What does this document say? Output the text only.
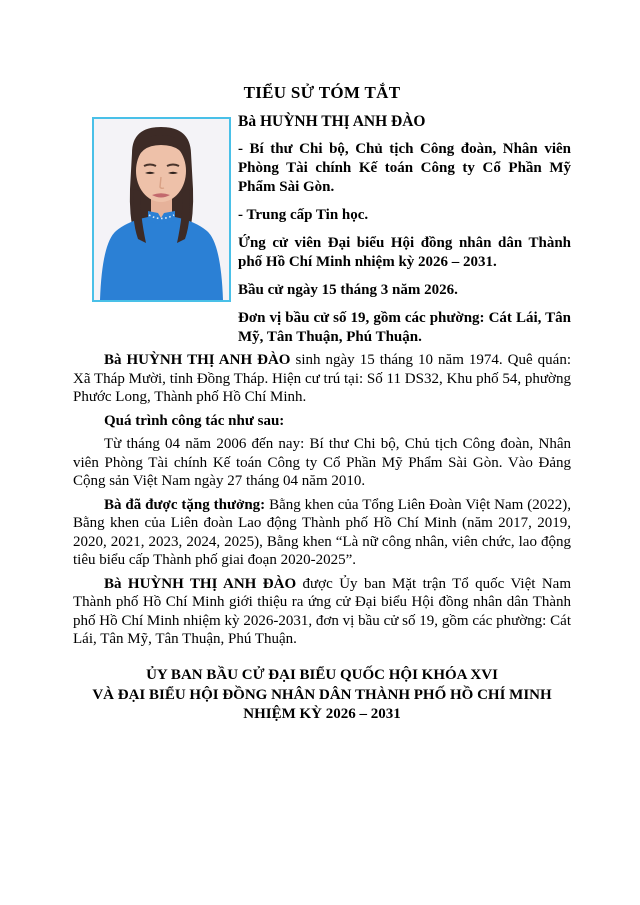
TIỂU SỬ TÓM TẮT
Bà HUỲNH THỊ ANH ĐÀO

- Bí thư Chi bộ, Chủ tịch Công đoàn, Nhân viên Phòng Tài chính Kế toán Công ty Cổ Phần Mỹ Phẩm Sài Gòn.

- Trung cấp Tin học.

Ứng cử viên Đại biểu Hội đồng nhân dân Thành phố Hồ Chí Minh nhiệm kỳ 2026 – 2031.

Bầu cử ngày 15 tháng 3 năm 2026.

Đơn vị bầu cử số 19, gồm các phường: Cát Lái, Tân Mỹ, Tân Thuận, Phú Thuận.

Bà HUỲNH THỊ ANH ĐÀO sinh ngày 15 tháng 10 năm 1974. Quê quán: Xã Tháp Mười, tỉnh Đồng Tháp. Hiện cư trú tại: Số 11 DS32, Khu phố 54, phường Phước Long, Thành phố Hồ Chí Minh.

Quá trình công tác như sau:

Từ tháng 04 năm 2006 đến nay: Bí thư Chi bộ, Chủ tịch Công đoàn, Nhân viên Phòng Tài chính Kế toán Công ty Cổ Phần Mỹ Phẩm Sài Gòn. Vào Đảng Cộng sản Việt Nam ngày 27 tháng 04 năm 2010.

Bà đã được tặng thưởng: Bằng khen của Tổng Liên Đoàn Việt Nam (2022), Bằng khen của Liên đoàn Lao động Thành phố Hồ Chí Minh (năm 2017, 2019, 2020, 2021, 2023, 2024, 2025), Bằng khen “Là nữ công nhân, viên chức, lao động tiêu biểu cấp Thành phố giai đoạn 2020-2025”.

Bà HUỲNH THỊ ANH ĐÀO được Ủy ban Mặt trận Tổ quốc Việt Nam Thành phố Hồ Chí Minh giới thiệu ra ứng cử Đại biểu Hội đồng nhân dân Thành phố Hồ Chí Minh nhiệm kỳ 2026-2031, đơn vị bầu cử số 19, gồm các phường: Cát Lái, Tân Mỹ, Tân Thuận, Phú Thuận.

ỦY BAN BẦU CỬ ĐẠI BIỂU QUỐC HỘI KHÓA XVI
VÀ ĐẠI BIỂU HỘI ĐỒNG NHÂN DÂN THÀNH PHỐ HỒ CHÍ MINH
NHIỆM KỲ 2026 – 2031
